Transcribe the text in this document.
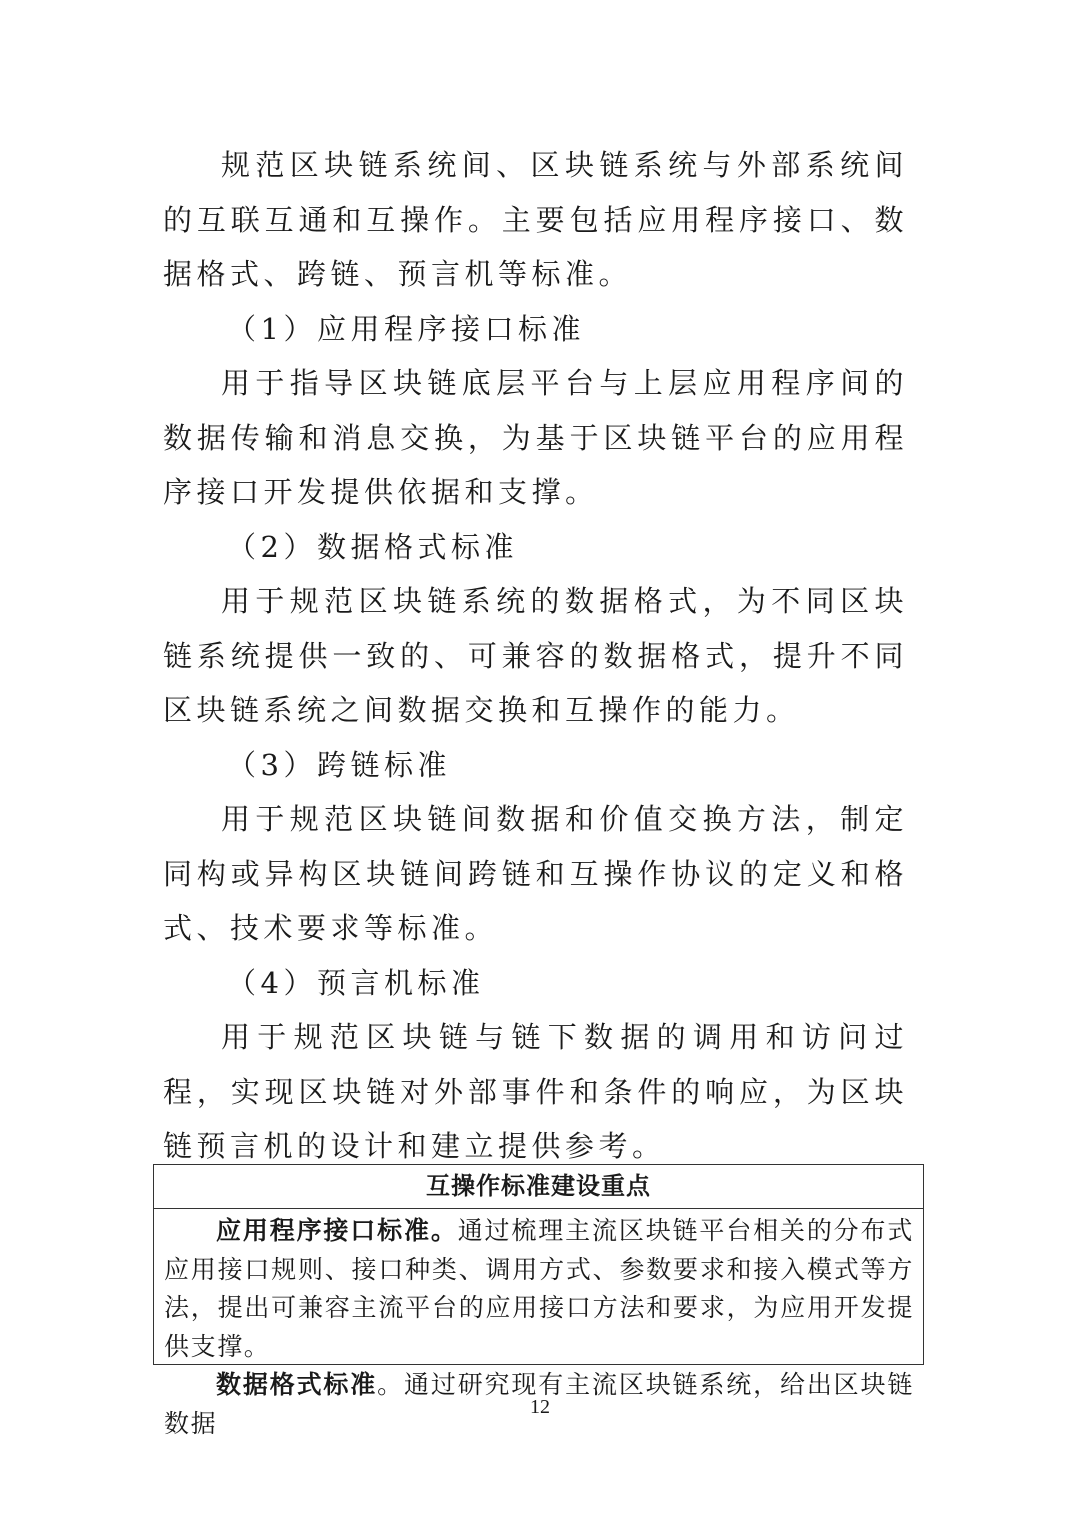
规范区块链系统间、区块链系统与外部系统间的互联互通和互操作。主要包括应用程序接口、数据格式、跨链、预言机等标准。

（1）应用程序接口标准

用于指导区块链底层平台与上层应用程序间的数据传输和消息交换，为基于区块链平台的应用程序接口开发提供依据和支撑。

（2）数据格式标准

用于规范区块链系统的数据格式，为不同区块链系统提供一致的、可兼容的数据格式，提升不同区块链系统之间数据交换和互操作的能力。

（3）跨链标准

用于规范区块链间数据和价值交换方法，制定同构或异构区块链间跨链和互操作协议的定义和格式、技术要求等标准。

（4）预言机标准

用于规范区块链与链下数据的调用和访问过程，实现区块链对外部事件和条件的响应，为区块链预言机的设计和建立提供参考。

互操作标准建设重点

应用程序接口标准。通过梳理主流区块链平台相关的分布式应用接口规则、接口种类、调用方式、参数要求和接入模式等方法，提出可兼容主流平台的应用接口方法和要求，为应用开发提供支撑。

数据格式标准。通过研究现有主流区块链系统，给出区块链数据

12
